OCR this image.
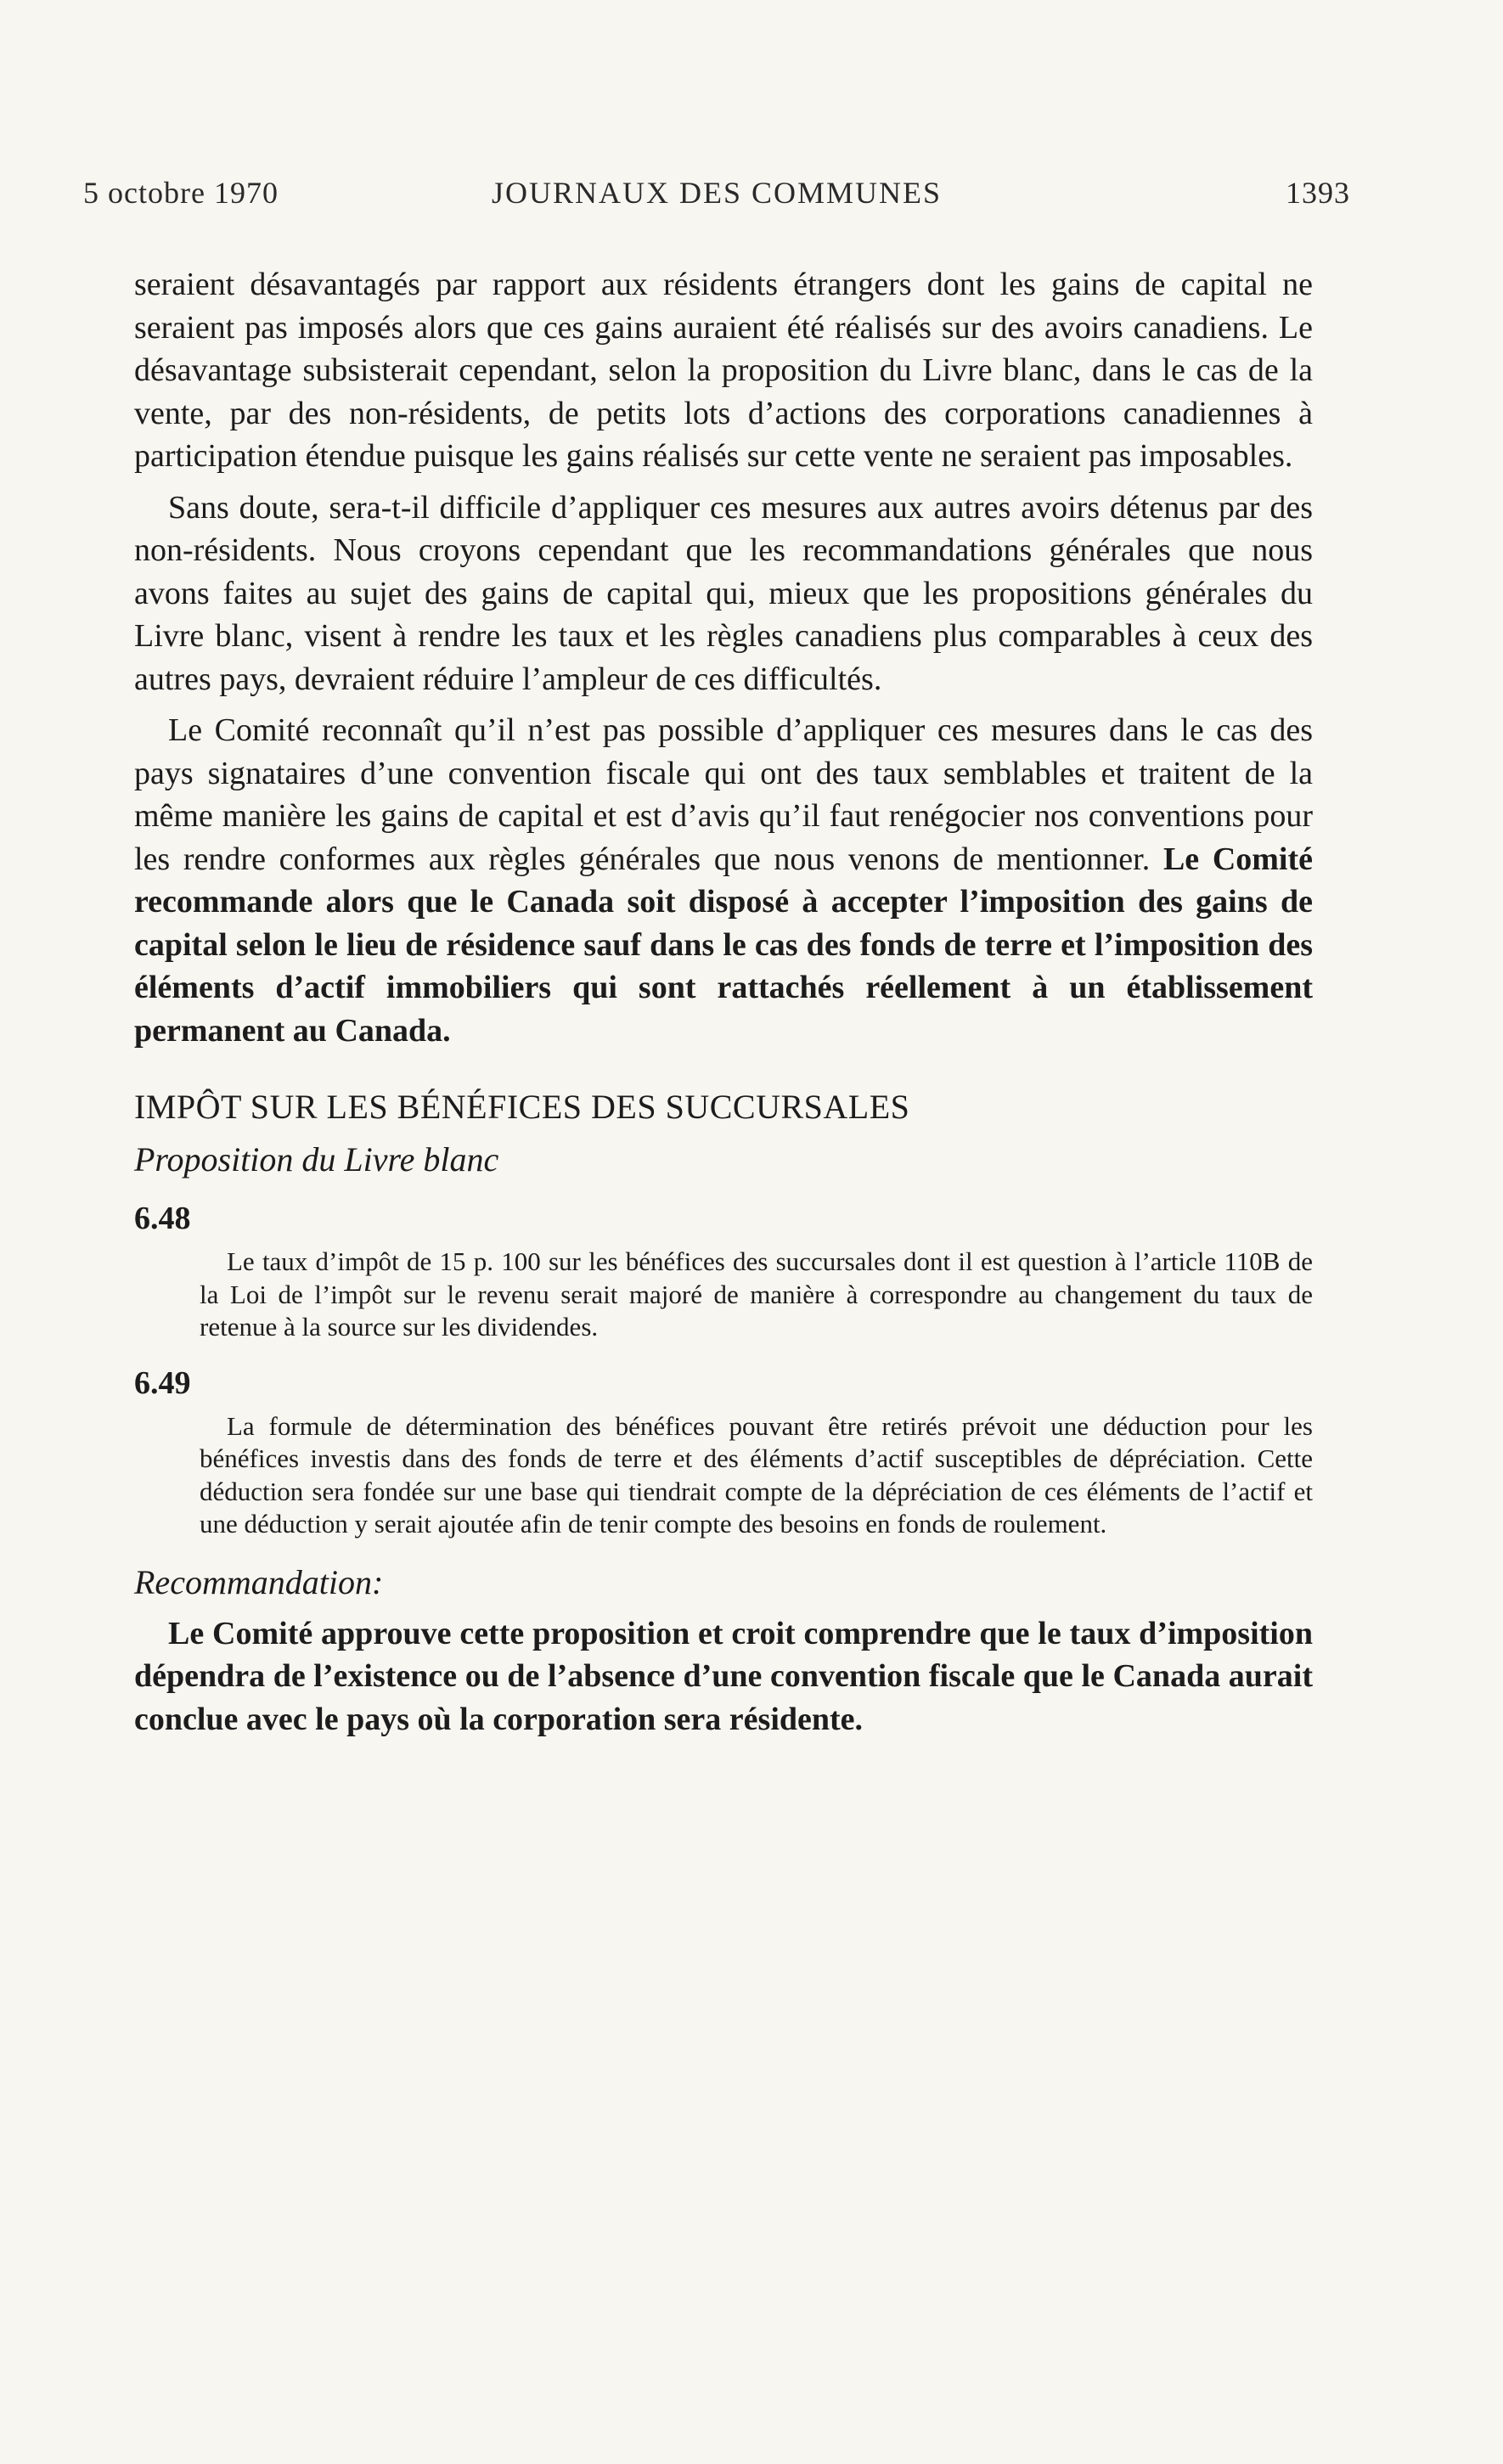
5 octobre 1970	JOURNAUX DES COMMUNES	1393

seraient désavantagés par rapport aux résidents étrangers dont les gains de capital ne seraient pas imposés alors que ces gains auraient été réalisés sur des avoirs canadiens. Le désavantage subsisterait cependant, selon la proposition du Livre blanc, dans le cas de la vente, par des non-résidents, de petits lots d’actions des corporations canadiennes à participation étendue puisque les gains réalisés sur cette vente ne seraient pas imposables.

Sans doute, sera-t-il difficile d’appliquer ces mesures aux autres avoirs détenus par des non-résidents. Nous croyons cependant que les recommandations générales que nous avons faites au sujet des gains de capital qui, mieux que les propositions générales du Livre blanc, visent à rendre les taux et les règles canadiens plus comparables à ceux des autres pays, devraient réduire l’ampleur de ces difficultés.

Le Comité reconnaît qu’il n’est pas possible d’appliquer ces mesures dans le cas des pays signataires d’une convention fiscale qui ont des taux semblables et traitent de la même manière les gains de capital et est d’avis qu’il faut renégocier nos conventions pour les rendre conformes aux règles générales que nous venons de mentionner. Le Comité recommande alors que le Canada soit disposé à accepter l’imposition des gains de capital selon le lieu de résidence sauf dans le cas des fonds de terre et l’imposition des éléments d’actif immobiliers qui sont rattachés réellement à un établissement permanent au Canada.

IMPÔT SUR LES BÉNÉFICES DES SUCCURSALES
Proposition du Livre blanc
6.48

Le taux d’impôt de 15 p. 100 sur les bénéfices des succursales dont il est question à l’article 110B de la Loi de l’impôt sur le revenu serait majoré de manière à correspondre au changement du taux de retenue à la source sur les dividendes.

6.49

La formule de détermination des bénéfices pouvant être retirés prévoit une déduction pour les bénéfices investis dans des fonds de terre et des éléments d’actif susceptibles de dépréciation. Cette déduction sera fondée sur une base qui tiendrait compte de la dépréciation de ces éléments de l’actif et une déduction y serait ajoutée afin de tenir compte des besoins en fonds de roulement.

Recommandation:

Le Comité approuve cette proposition et croit comprendre que le taux d’imposition dépendra de l’existence ou de l’absence d’une convention fiscale que le Canada aurait conclue avec le pays où la corporation sera résidente.
